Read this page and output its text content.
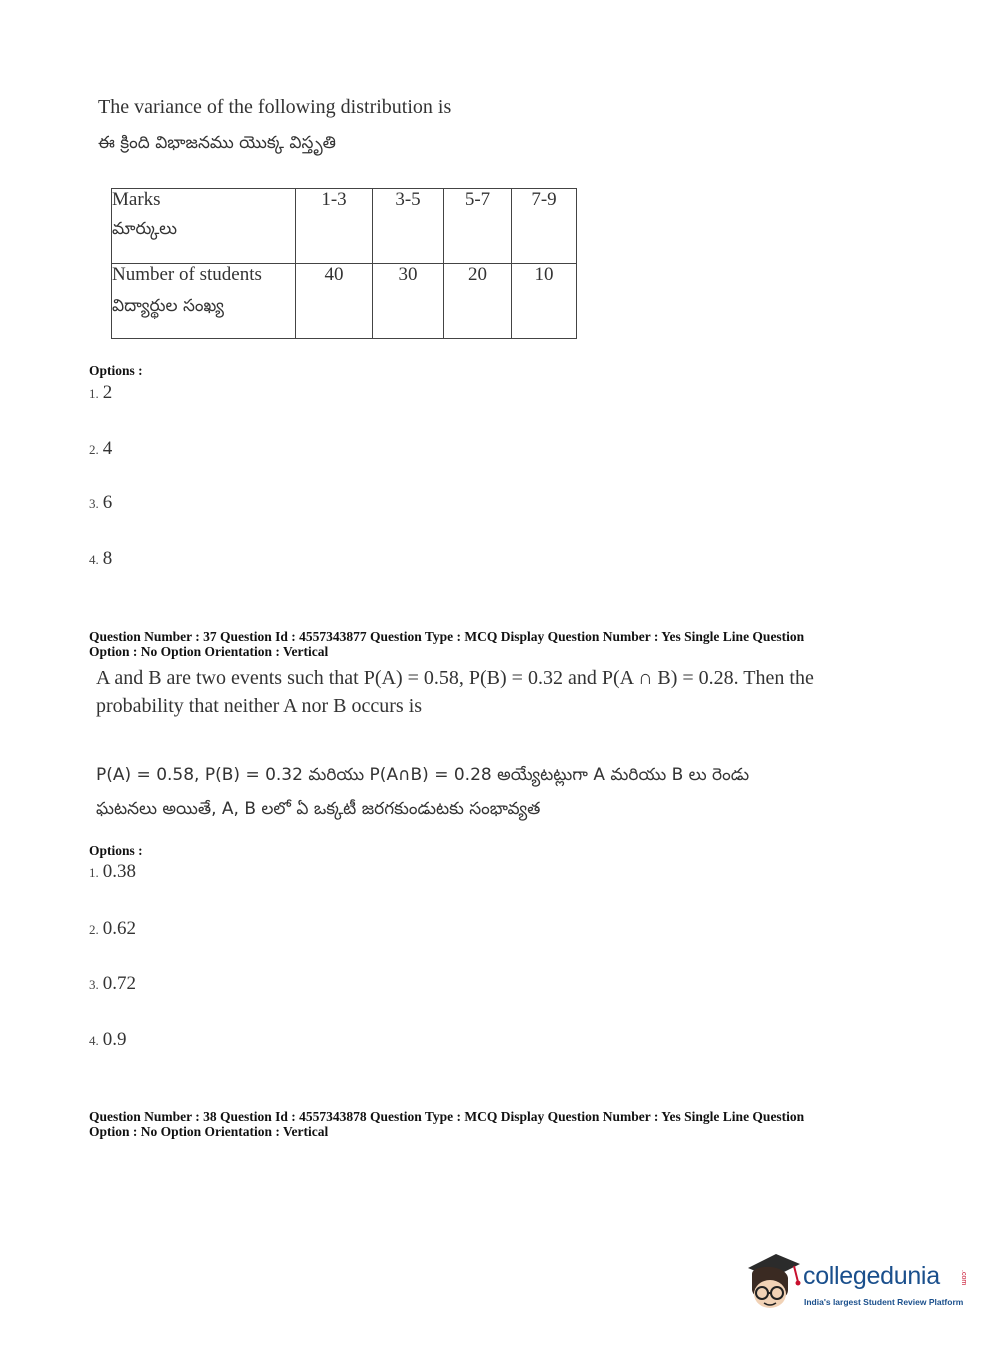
The variance of the following distribution is
ఈ క్రింది విభాజనము యొక్క విస్తృతి
Marks
మార్కులు	1-3	3-5	5-7	7-9

Number of students
విద్యార్థుల సంఖ్య	40	30	20	10
Options :
1. 2
2. 4
3. 6
4. 8
Question Number : 37 Question Id : 4557343877 Question Type : MCQ Display Question Number : Yes Single Line Question
Option : No Option Orientation : Vertical
A and B are two events such that P(A) = 0.58, P(B) = 0.32 and P(A ∩ B) = 0.28. Then the
probability that neither A nor B occurs is
P(A) = 0.58, P(B) = 0.32 మరియు P(A∩B) = 0.28 అయ్యేటట్లుగా A మరియు B లు రెండు
ఘటనలు అయితే, A, B లలో ఏ ఒక్కటీ జరగకుండుటకు సంభావ్యత
Options :
1. 0.38
2. 0.62
3. 0.72
4. 0.9
Question Number : 38 Question Id : 4557343878 Question Type : MCQ Display Question Number : Yes Single Line Question
Option : No Option Orientation : Vertical
collegedunia	.com
India's largest Student Review Platform
